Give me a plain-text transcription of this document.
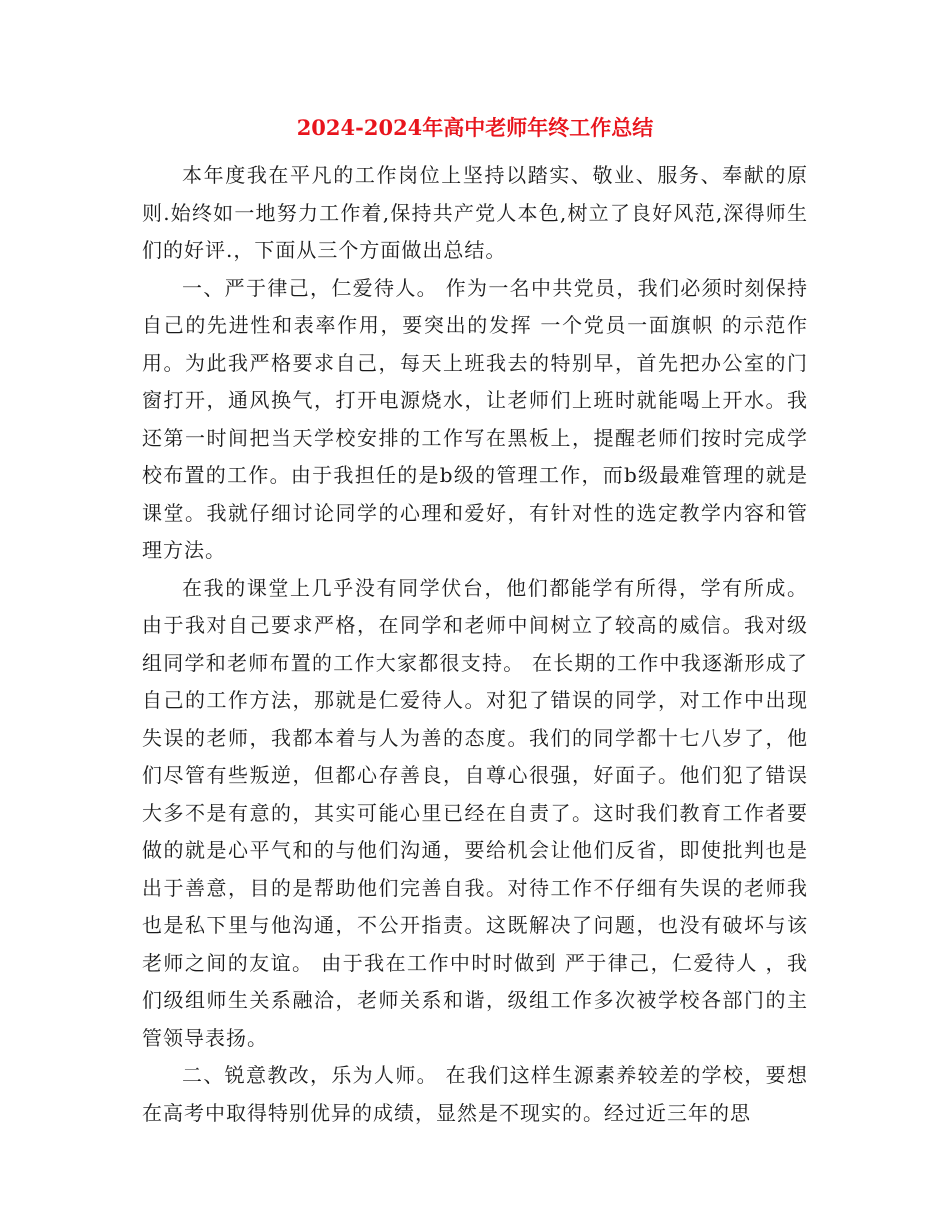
2024-2024年高中老师年终工作总结

本年度我在平凡的工作岗位上坚持以踏实、敬业、服务、奉献的原则.始终如一地努力工作着,保持共产党人本色,树立了良好风范,深得师生们的好评.，下面从三个方面做出总结。

一、严于律己，仁爱待人。 作为一名中共党员，我们必须时刻保持自己的先进性和表率作用，要突出的发挥 一个党员一面旗帜 的示范作用。为此我严格要求自己，每天上班我去的特别早，首先把办公室的门窗打开，通风换气，打开电源烧水，让老师们上班时就能喝上开水。我还第一时间把当天学校安排的工作写在黑板上，提醒老师们按时完成学校布置的工作。由于我担任的是b级的管理工作，而b级最难管理的就是课堂。我就仔细讨论同学的心理和爱好，有针对性的选定教学内容和管理方法。

在我的课堂上几乎没有同学伏台，他们都能学有所得，学有所成。由于我对自己要求严格，在同学和老师中间树立了较高的威信。我对级组同学和老师布置的工作大家都很支持。 在长期的工作中我逐渐形成了自己的工作方法，那就是仁爱待人。对犯了错误的同学，对工作中出现失误的老师，我都本着与人为善的态度。我们的同学都十七八岁了，他们尽管有些叛逆，但都心存善良，自尊心很强，好面子。他们犯了错误大多不是有意的，其实可能心里已经在自责了。这时我们教育工作者要做的就是心平气和的与他们沟通，要给机会让他们反省，即使批判也是出于善意，目的是帮助他们完善自我。对待工作不仔细有失误的老师我也是私下里与他沟通，不公开指责。这既解决了问题，也没有破坏与该老师之间的友谊。 由于我在工作中时时做到 严于律己，仁爱待人 ，我们级组师生关系融洽，老师关系和谐，级组工作多次被学校各部门的主管领导表扬。

二、锐意教改，乐为人师。 在我们这样生源素养较差的学校，要想在高考中取得特别优异的成绩，显然是不现实的。经过近三年的思
